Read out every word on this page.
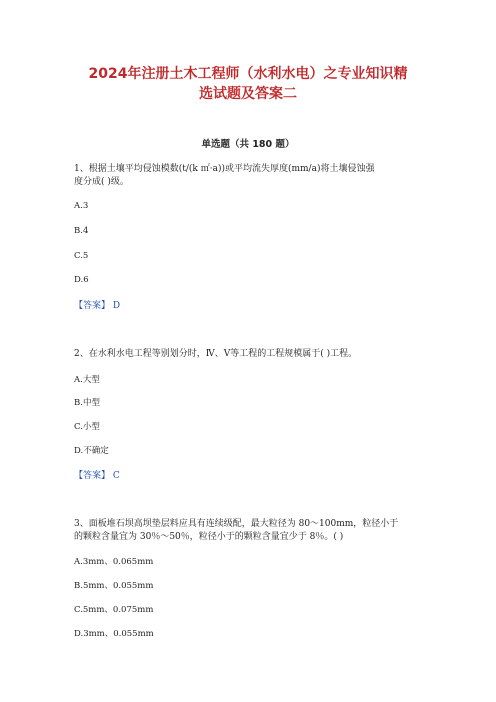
2024年注册土木工程师（水利水电）之专业知识精
选试题及答案二
单选题（共 180 题）
1、根据土壤平均侵蚀模数(t/(k ㎡·a))或平均流失厚度(mm/a)将土壤侵蚀强
度分成( )级。
A.3
B.4
C.5
D.6
【答案】 D
2、在水利水电工程等别划分时，Ⅳ、Ⅴ等工程的工程规模属于( )工程。
A.大型
B.中型
C.小型
D.不确定
【答案】 C
3、面板堆石坝高坝垫层料应具有连续级配，最大粒径为 80～100mm，粒径小于
的颗粒含量宜为 30％～50％，粒径小于的颗粒含量宜少于 8％。( )
A.3mm、0.065mm
B.5mm、0.055mm
C.5mm、0.075mm
D.3mm、0.055mm
